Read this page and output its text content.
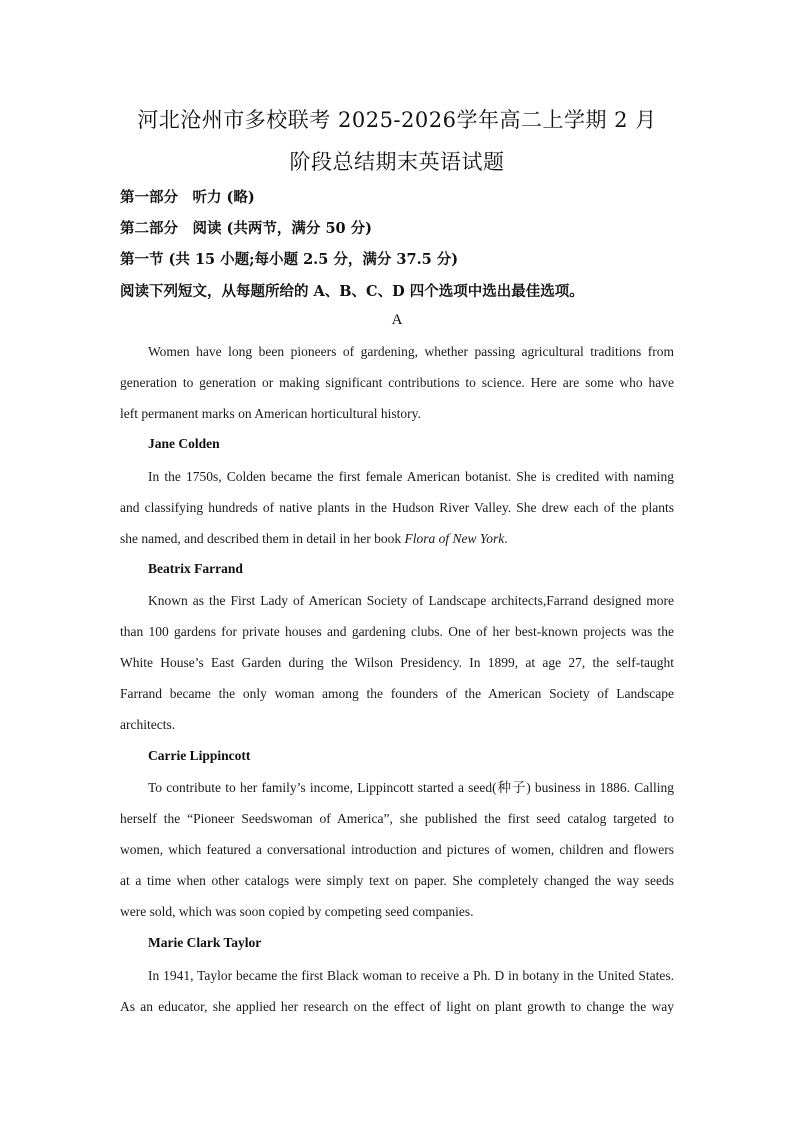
河北沧州市多校联考 2025-2026学年高二上学期 2 月
阶段总结期末英语试题
第一部分　听力 (略)
第二部分　阅读 (共两节，满分 50 分)
第一节 (共 15 小题;每小题 2.5 分，满分 37.5 分)
阅读下列短文，从每题所给的 A、B、C、D 四个选项中选出最佳选项。
A
Women have long been pioneers of gardening, whether passing agricultural traditions from
generation to generation or making significant contributions to science. Here are some who have
left permanent marks on American horticultural history.
Jane Colden
In the 1750s, Colden became the first female American botanist. She is credited with naming
and classifying hundreds of native plants in the Hudson River Valley. She drew each of the plants
she named, and described them in detail in her book Flora of New York.
Beatrix Farrand
Known as the First Lady of American Society of Landscape architects,Farrand designed more
than 100 gardens for private houses and gardening clubs. One of her best-known projects was the
White House’s East Garden during the Wilson Presidency. In 1899, at age 27, the self-taught
Farrand became the only woman among the founders of the American Society of Landscape
architects.
Carrie Lippincott
To contribute to her family’s income, Lippincott started a seed(种子) business in 1886. Calling
herself the “Pioneer Seedswoman of America”, she published the first seed catalog targeted to
women, which featured a conversational introduction and pictures of women, children and flowers
at a time when other catalogs were simply text on paper. She completely changed the way seeds
were sold, which was soon copied by competing seed companies.
Marie Clark Taylor
In 1941, Taylor became the first Black woman to receive a Ph. D in botany in the United States.
As an educator, she applied her research on the effect of light on plant growth to change the way
